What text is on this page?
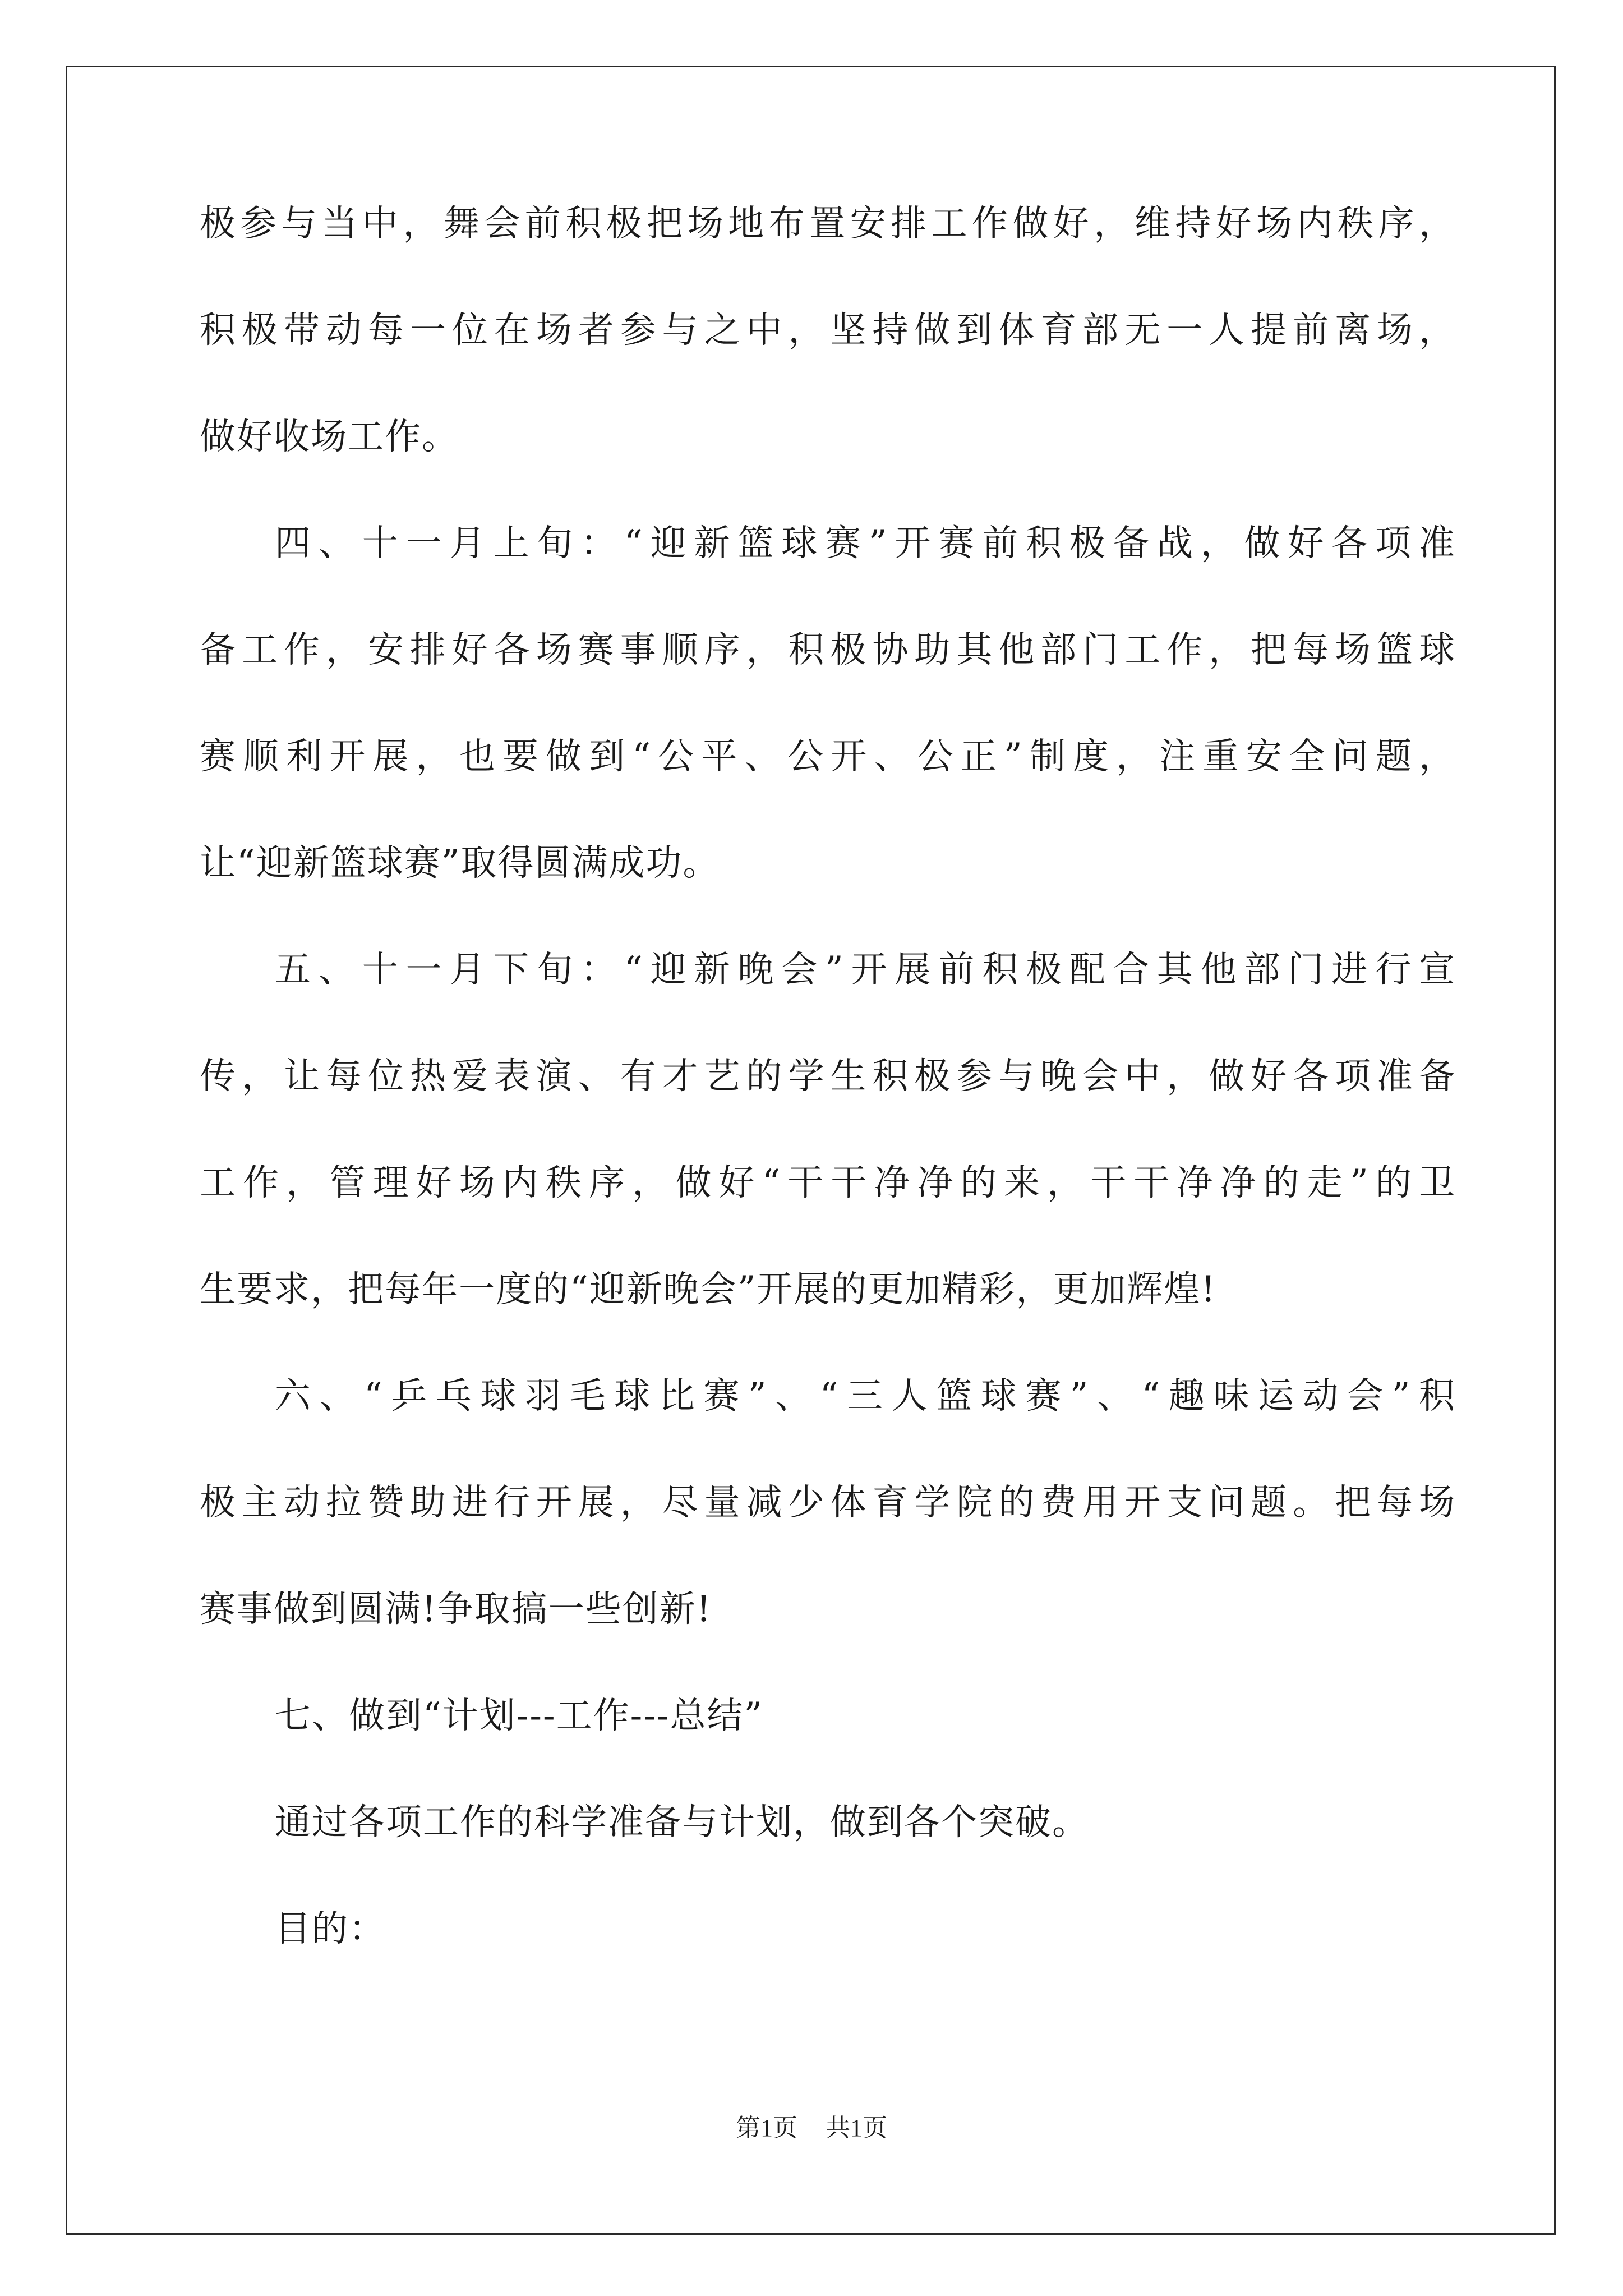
极参与当中，舞会前积极把场地布置安排工作做好，维持好场内秩序，
积极带动每一位在场者参与之中，坚持做到体育部无一人提前离场，
做好收场工作。
四、十一月上旬：“迎新篮球赛”开赛前积极备战，做好各项准
备工作，安排好各场赛事顺序，积极协助其他部门工作，把每场篮球
赛顺利开展，也要做到“公平、公开、公正”制度，注重安全问题，
让“迎新篮球赛”取得圆满成功。
五、十一月下旬：“迎新晚会”开展前积极配合其他部门进行宣
传，让每位热爱表演、有才艺的学生积极参与晚会中，做好各项准备
工作，管理好场内秩序，做好“干干净净的来，干干净净的走”的卫
生要求，把每年一度的“迎新晚会”开展的更加精彩，更加辉煌!
六、“乒乓球羽毛球比赛”、“三人篮球赛”、“趣味运动会”积
极主动拉赞助进行开展，尽量减少体育学院的费用开支问题。把每场
赛事做到圆满!争取搞一些创新!
七、做到“计划---工作---总结”
通过各项工作的科学准备与计划，做到各个突破。
目的：
第1页 共1页
